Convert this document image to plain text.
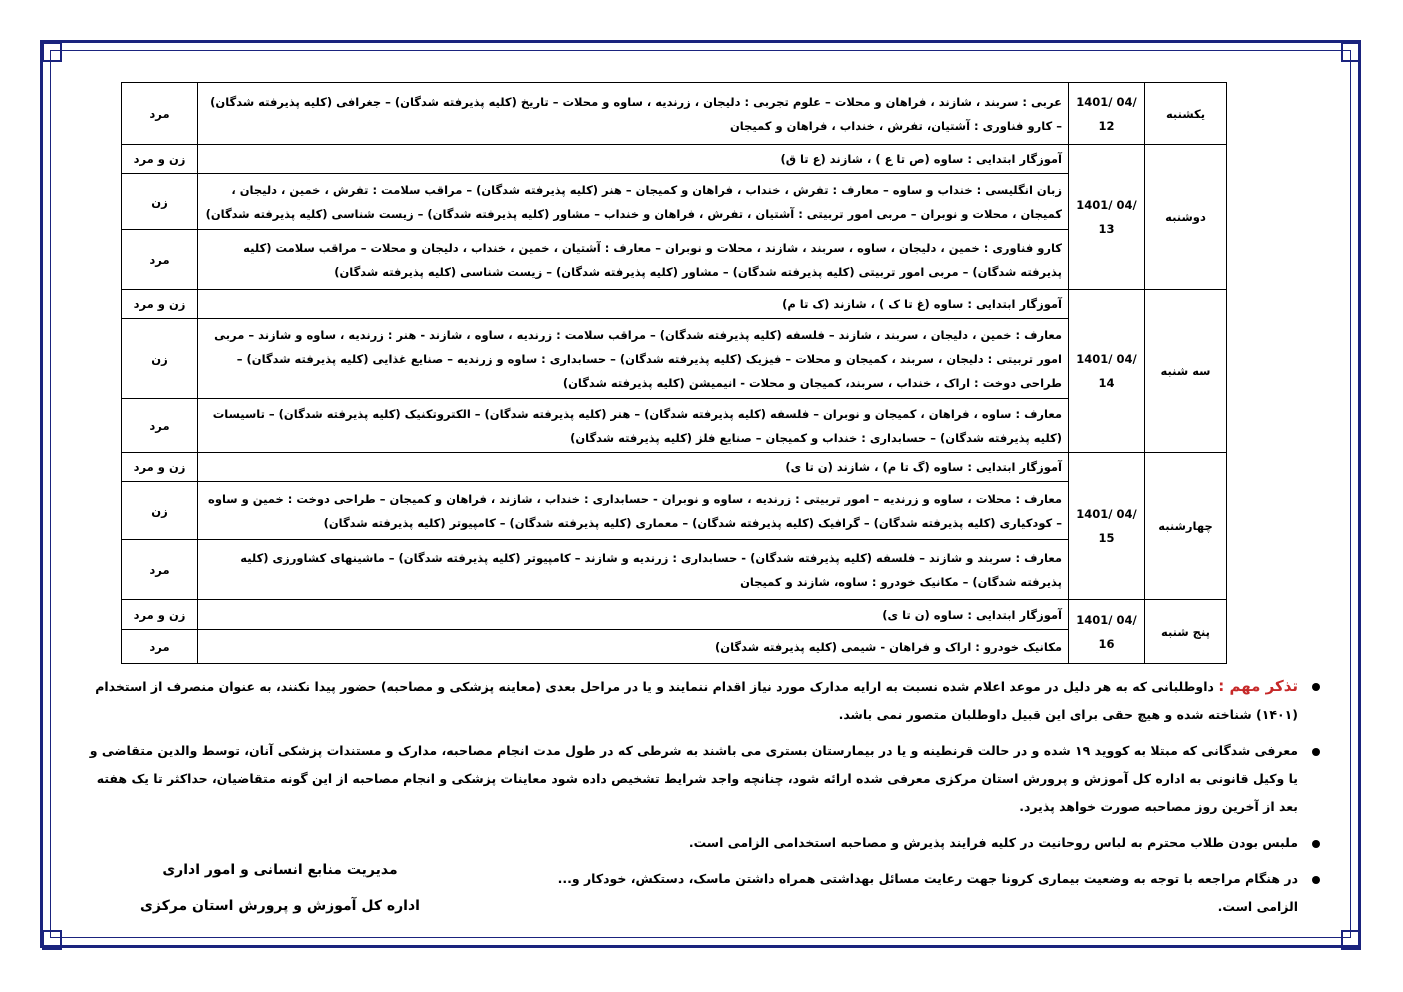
یکشنبه	1401/ 04/ 12	عربی : سربند ، شازند ، فراهان و محلات – علوم تجربی : دلیجان ، زرندیه ، ساوه و محلات – تاریخ (کلیه پذیرفته شدگان) – جغرافی (کلیه پذیرفته شدگان) – کارو فناوری : آشتیان، تفرش ، خنداب ، فراهان و کمیجان	مرد
دوشنبه	1401/ 04/ 13	آموزگار ابتدایی : ساوه (ص تا ع ) ، شازند (ع تا ق)	زن و مرد
		زبان انگلیسی : خنداب و ساوه – معارف : تفرش ، خنداب ، فراهان و کمیجان – هنر (کلیه پذیرفته شدگان) – مراقب سلامت : تفرش ، خمین ، دلیجان ، کمیجان ، محلات و نوبران – مربی امور تربیتی : آشتیان ، تفرش ، فراهان و خنداب – مشاور (کلیه پذیرفته شدگان) – زیست شناسی (کلیه پذیرفته شدگان)	زن
		کارو فناوری : خمین ، دلیجان ، ساوه ، سربند ، شازند ، محلات و نوبران – معارف : آشتیان ، خمین ، خنداب ، دلیجان و محلات – مراقب سلامت (کلیه پذیرفته شدگان) – مربی امور تربیتی (کلیه پذیرفته شدگان) – مشاور (کلیه پذیرفته شدگان) – زیست شناسی (کلیه پذیرفته شدگان)	مرد
سه شنبه	1401/ 04/ 14	آموزگار ابتدایی : ساوه (غ تا ک ) ، شازند (ک تا م)	زن و مرد
		معارف : خمین ، دلیجان ، سربند ، شازند – فلسفه (کلیه پذیرفته شدگان) – مراقب سلامت : زرندیه ، ساوه ، شازند - هنر : زرندیه ، ساوه و شازند – مربی امور تربیتی : دلیجان ، سربند ، کمیجان و محلات – فیزیک (کلیه پذیرفته شدگان) – حسابداری : ساوه و زرندیه – صنایع غذایی (کلیه پذیرفته شدگان) – طراحی دوخت : اراک ، خنداب ، سربند، کمیجان و محلات - انیمیشن (کلیه پذیرفته شدگان)	زن
		معارف : ساوه ، فراهان ، کمیجان و نوبران – فلسفه (کلیه پذیرفته شدگان) – هنر (کلیه پذیرفته شدگان) – الکتروتکنیک (کلیه پذیرفته شدگان) – تاسیسات (کلیه پذیرفته شدگان) – حسابداری : خنداب و کمیجان – صنایع فلز (کلیه پذیرفته شدگان)	مرد
چهارشنبه	1401/ 04/ 15	آموزگار ابتدایی : ساوه (گ تا م) ، شازند (ن تا ی)	زن و مرد
		معارف : محلات ، ساوه و زرندیه – امور تربیتی : زرندیه ، ساوه و نوبران - حسابداری : خنداب ، شازند ، فراهان و کمیجان – طراحی دوخت : خمین و ساوه – کودکیاری (کلیه پذیرفته شدگان) – گرافیک (کلیه پذیرفته شدگان) – معماری (کلیه پذیرفته شدگان) – کامپیوتر (کلیه پذیرفته شدگان)	زن
		معارف : سربند و شازند – فلسفه (کلیه پذیرفته شدگان) - حسابداری : زرندیه و شازند – کامپیوتر (کلیه پذیرفته شدگان) – ماشینهای کشاورزی (کلیه پذیرفته شدگان) – مکانیک خودرو : ساوه، شازند و کمیجان	مرد
پنج شنبه	1401/ 04/ 16	آموزگار ابتدایی : ساوه (ن تا ی)	زن و مرد
		مکانیک خودرو : اراک و فراهان - شیمی (کلیه پذیرفته شدگان)	مرد
تذکر مهم : داوطلبانی که به هر دلیل در موعد اعلام شده نسبت به ارایه مدارک مورد نیاز اقدام ننمایند و یا در مراحل بعدی (معاینه پزشکی و مصاحبه) حضور پیدا نکنند، به عنوان منصرف از استخدام (۱۴۰۱) شناخته شده و هیچ حقی برای این قبیل داوطلبان متصور نمی باشد.
معرفی شدگانی که مبتلا به کووید ۱۹ شده و در حالت قرنطینه و یا در بیمارستان بستری می باشند به شرطی که در طول مدت انجام مصاحبه، مدارک و مستندات پزشکی آنان، توسط والدین متقاضی و یا وکیل قانونی به اداره کل آموزش و پرورش استان مرکزی معرفی شده ارائه شود، چنانچه واجد شرایط تشخیص داده شود معاینات پزشکی و انجام مصاحبه از این گونه متقاضیان، حداکثر تا یک هفته بعد از آخرین روز مصاحبه صورت خواهد پذیرد.
ملبس بودن طلاب محترم به لباس روحانیت در کلیه فرایند پذیرش و مصاحبه استخدامی الزامی است.
در هنگام مراجعه با توجه به وضعیت بیماری کرونا جهت رعایت مسائل بهداشتی همراه داشتن ماسک، دستکش، خودکار و... الزامی است.
مدیریت منابع انسانی و امور اداری
اداره کل آموزش و پرورش استان مرکزی
